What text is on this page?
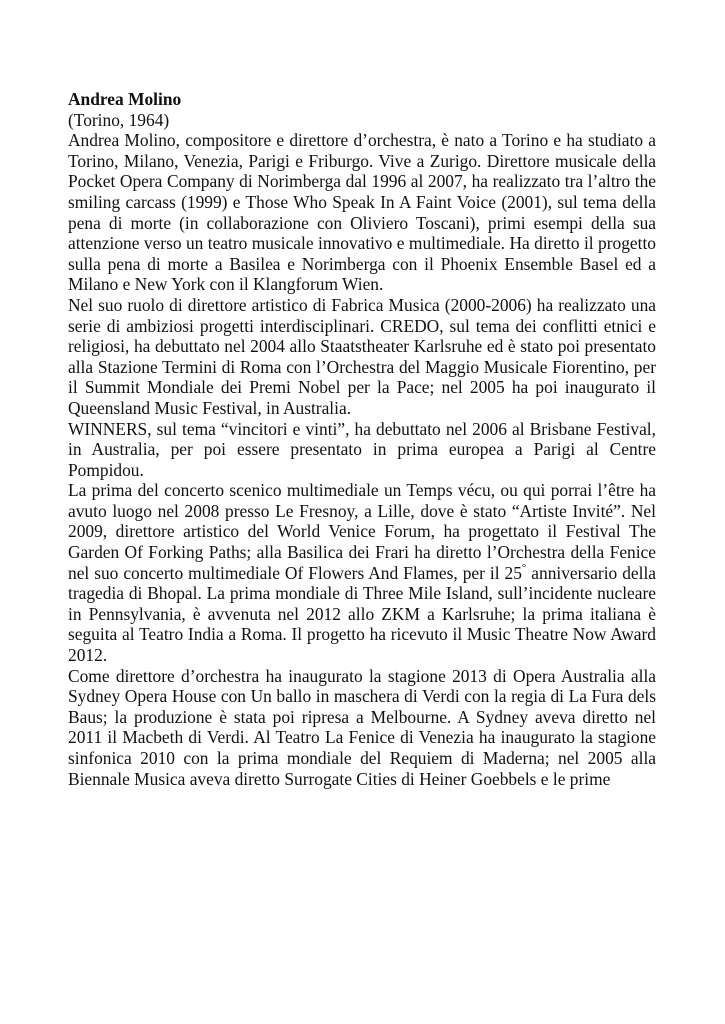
Andrea Molino

(Torino, 1964)

Andrea Molino, compositore e direttore d’orchestra, è nato a Torino e ha studiato a Torino, Milano, Venezia, Parigi e Friburgo. Vive a Zurigo. Direttore musicale della Pocket Opera Company di Norimberga dal 1996 al 2007, ha realizzato tra l’altro the smiling carcass (1999) e Those Who Speak In A Faint Voice (2001), sul tema della pena di morte (in collaborazione con Oliviero Toscani), primi esempi della sua attenzione verso un teatro musicale innovativo e multimediale. Ha diretto il progetto sulla pena di morte a Basilea e Norimberga con il Phoenix Ensemble Basel ed a Milano e New York con il Klangforum Wien.

Nel suo ruolo di direttore artistico di Fabrica Musica (2000-2006) ha realizzato una serie di ambiziosi progetti interdisciplinari. CREDO, sul tema dei conflitti etnici e religiosi, ha debuttato nel 2004 allo Staatstheater Karlsruhe ed è stato poi presentato alla Stazione Termini di Roma con l’Orchestra del Maggio Musicale Fiorentino, per il Summit Mondiale dei Premi Nobel per la Pace; nel 2005 ha poi inaugurato il Queensland Music Festival, in Australia.

WINNERS, sul tema “vincitori e vinti”, ha debuttato nel 2006 al Brisbane Festival, in Australia, per poi essere presentato in prima europea a Parigi al Centre Pompidou.

La prima del concerto scenico multimediale un Temps vécu, ou qui porrai l’être ha avuto luogo nel 2008 presso Le Fresnoy, a Lille, dove è stato “Artiste Invité”. Nel 2009, direttore artistico del World Venice Forum, ha progettato il Festival The Garden Of Forking Paths; alla Basilica dei Frari ha diretto l’Orchestra della Fenice nel suo concerto multimediale Of Flowers And Flames, per il 25° anniversario della tragedia di Bhopal. La prima mondiale di Three Mile Island, sull’incidente nucleare in Pennsylvania, è avvenuta nel 2012 allo ZKM a Karlsruhe; la prima italiana è seguita al Teatro India a Roma. Il progetto ha ricevuto il Music Theatre Now Award 2012.

Come direttore d’orchestra ha inaugurato la stagione 2013 di Opera Australia alla Sydney Opera House con Un ballo in maschera di Verdi con la regia di La Fura dels Baus; la produzione è stata poi ripresa a Melbourne. A Sydney aveva diretto nel 2011 il Macbeth di Verdi. Al Teatro La Fenice di Venezia ha inaugurato la stagione sinfonica 2010 con la prima mondiale del Requiem di Maderna; nel 2005 alla Biennale Musica aveva diretto Surrogate Cities di Heiner Goebbels e le prime
